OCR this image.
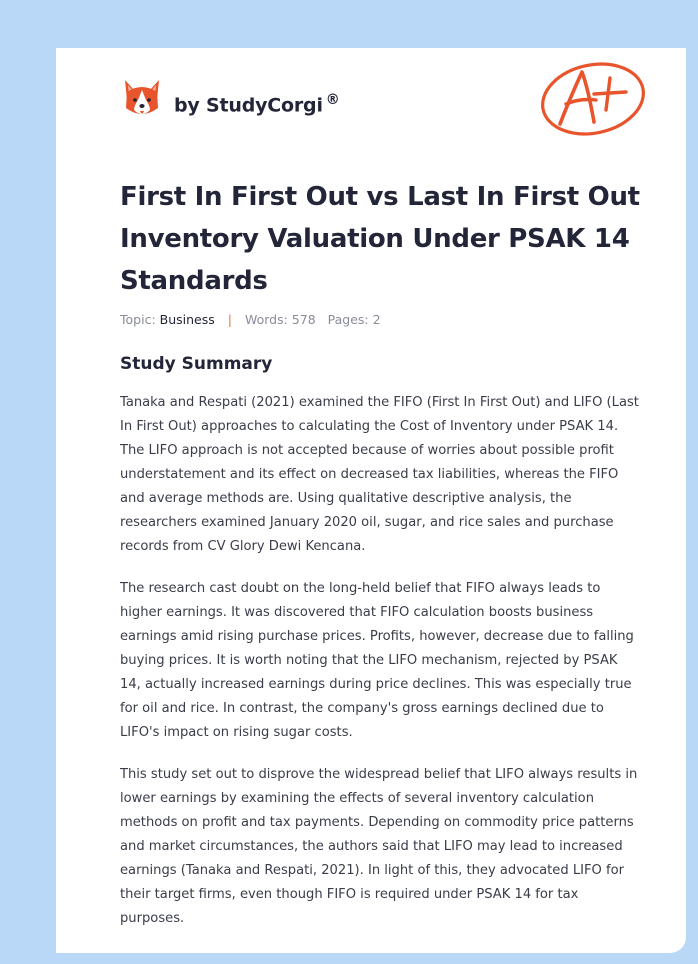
by StudyCorgi ®
First In First Out vs Last In First Out Inventory Valuation Under PSAK 14 Standards
Topic: Business | Words: 578 Pages: 2
Study Summary

Tanaka and Respati (2021) examined the FIFO (First In First Out) and LIFO (Last In First Out) approaches to calculating the Cost of Inventory under PSAK 14. The LIFO approach is not accepted because of worries about possible profit understatement and its effect on decreased tax liabilities, whereas the FIFO and average methods are. Using qualitative descriptive analysis, the researchers examined January 2020 oil, sugar, and rice sales and purchase records from CV Glory Dewi Kencana.

The research cast doubt on the long-held belief that FIFO always leads to higher earnings. It was discovered that FIFO calculation boosts business earnings amid rising purchase prices. Profits, however, decrease due to falling buying prices. It is worth noting that the LIFO mechanism, rejected by PSAK 14, actually increased earnings during price declines. This was especially true for oil and rice. In contrast, the company's gross earnings declined due to LIFO's impact on rising sugar costs.

This study set out to disprove the widespread belief that LIFO always results in lower earnings by examining the effects of several inventory calculation methods on profit and tax payments. Depending on commodity price patterns and market circumstances, the authors said that LIFO may lead to increased earnings (Tanaka and Respati, 2021). In light of this, they advocated LIFO for their target firms, even though FIFO is required under PSAK 14 for tax purposes.
